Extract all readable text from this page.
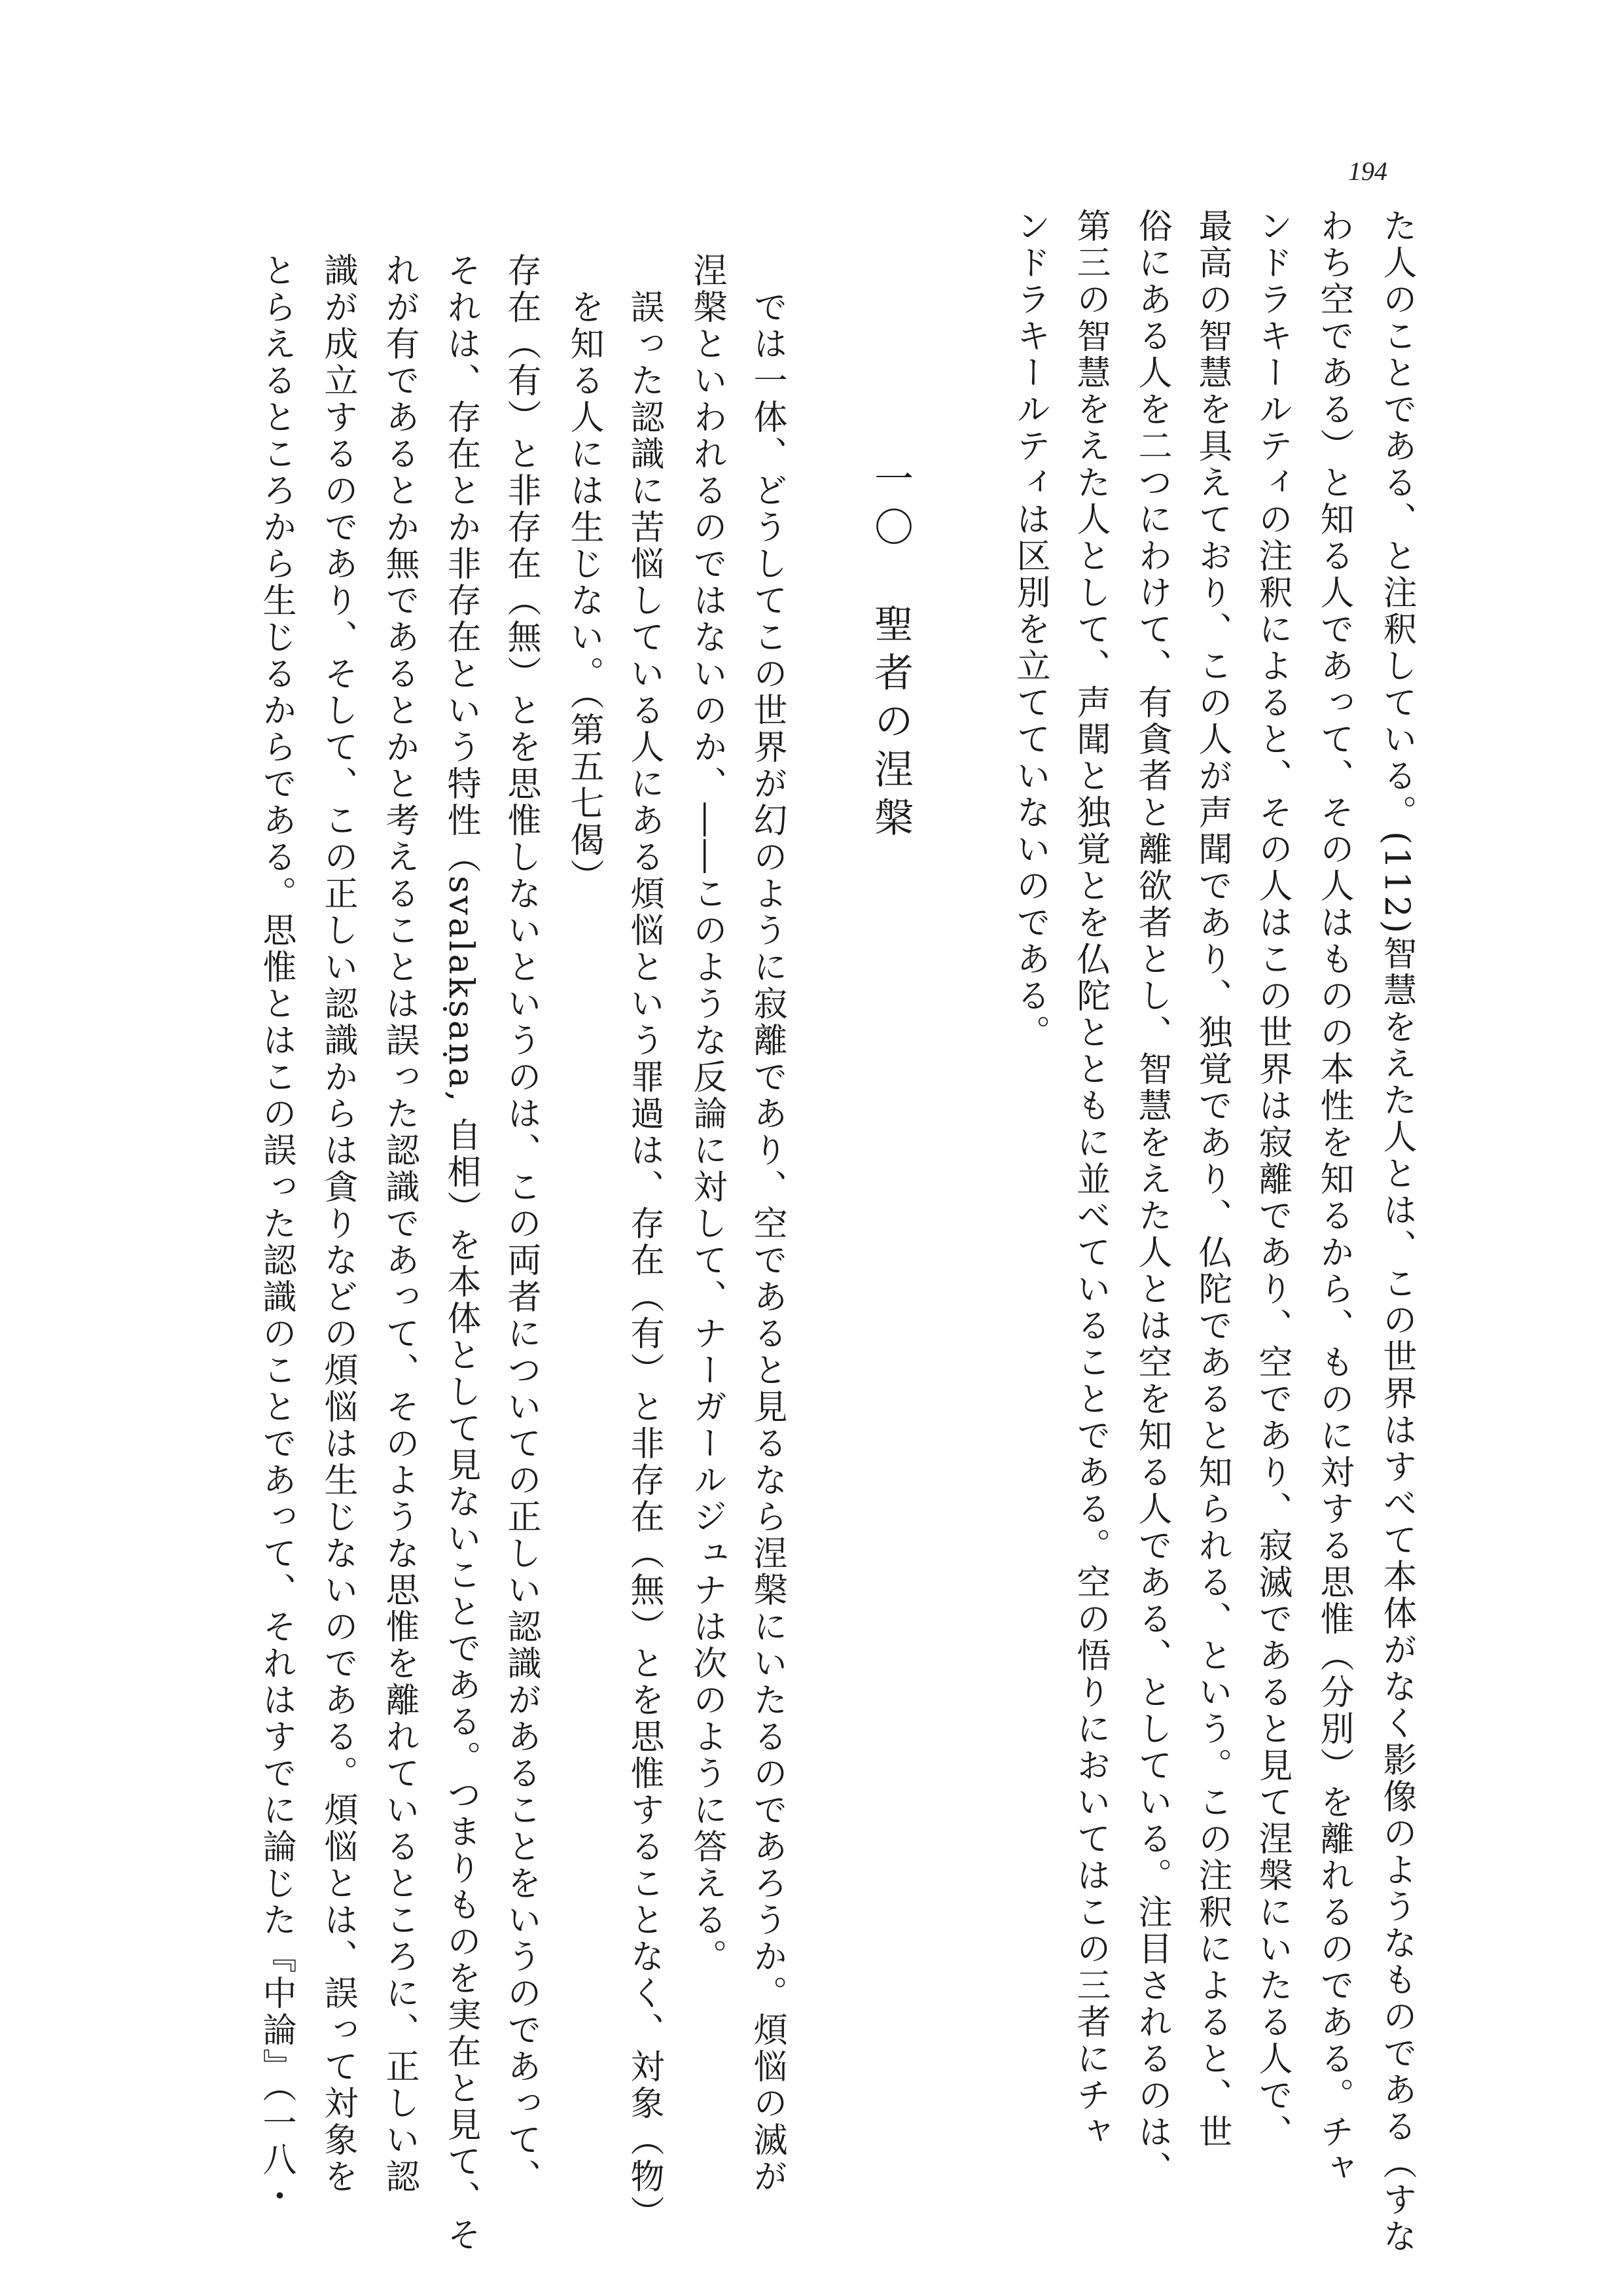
194
た人のことである、と注釈している。(112)智慧をえた人とは、この世界はすべて本体がなく影像のようなものである（すな
わち空である）と知る人であって、その人はものの本性を知るから、ものに対する思惟（分別）を離れるのである。チャ
ンドラキールティの注釈によると、その人はこの世界は寂離であり、空であり、寂滅であると見て涅槃にいたる人で、
最高の智慧を具えており、この人が声聞であり、独覚であり、仏陀であると知られる、という。この注釈によると、世
俗にある人を二つにわけて、有貪者と離欲者とし、智慧をえた人とは空を知る人である、としている。注目されるのは、
第三の智慧をえた人として、声聞と独覚とを仏陀とともに並べていることである。空の悟りにおいてはこの三者にチャ
ンドラキールティは区別を立てていないのである。
一〇　聖者の涅槃
　では一体、どうしてこの世界が幻のように寂離であり、空であると見るなら涅槃にいたるのであろうか。煩悩の滅が
涅槃といわれるのではないのか、――このような反論に対して、ナーガールジュナは次のように答える。
　誤った認識に苦悩している人にある煩悩という罪過は、存在（有）と非存在（無）とを思惟することなく、対象（物）
　を知る人には生じない。（第五七偈）
存在（有）と非存在（無）とを思惟しないというのは、この両者についての正しい認識があることをいうのであって、
それは、存在とか非存在という特性（svalakṣaṇa, 自相）を本体として見ないことである。つまりものを実在と見て、そ
れが有であるとか無であるとかと考えることは誤った認識であって、そのような思惟を離れているところに、正しい認
識が成立するのであり、そして、この正しい認識からは貪りなどの煩悩は生じないのである。煩悩とは、誤って対象を
とらえるところから生じるからである。思惟とはこの誤った認識のことであって、それはすでに論じた『中論』（一八・
